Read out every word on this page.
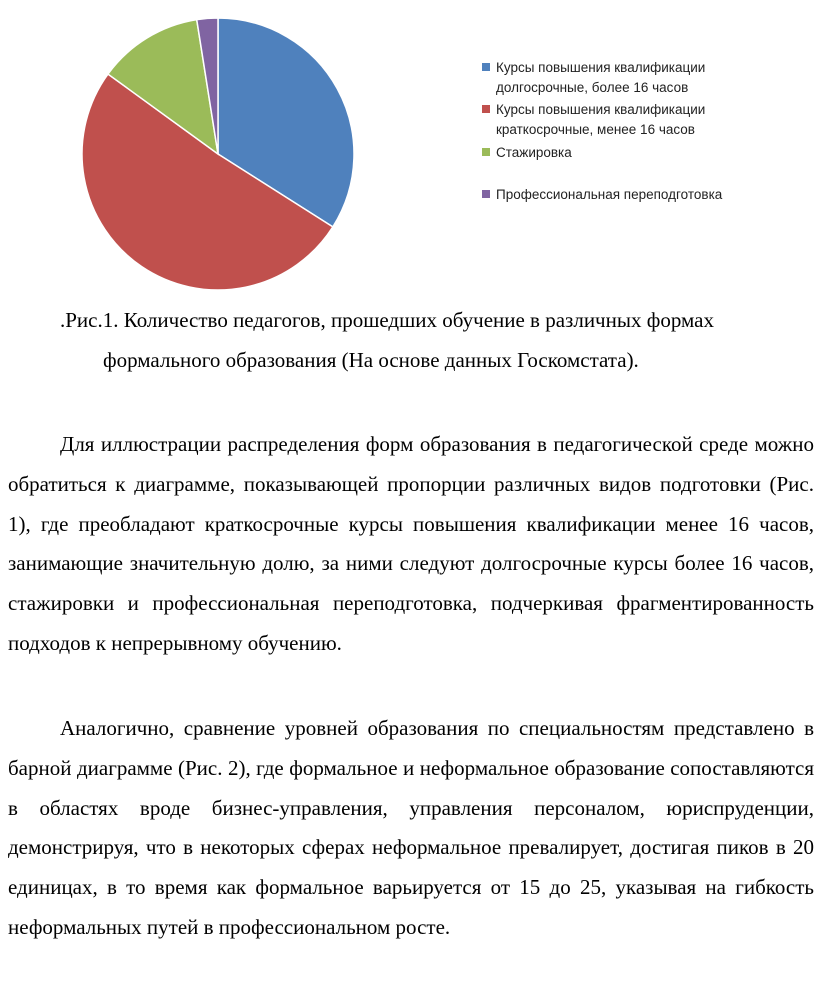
Курсы повышения квалификации
долгосрочные, более 16 часов
Курсы повышения квалификации
краткосрочные, менее 16 часов
Стажировка
Профессиональная переподготовка
.Рис.1. Количество педагогов, прошедших обучение в различных формах
формального образования (На основе данных Госкомстата).

Для иллюстрации распределения форм образования в педагогической среде можно обратиться к диаграмме, показывающей пропорции различных видов подготовки (Рис. 1), где преобладают краткосрочные курсы повышения квалификации менее 16 часов, занимающие значительную долю, за ними следуют долгосрочные курсы более 16 часов, стажировки и профессиональная переподготовка, подчеркивая фрагментированность подходов к непрерывному обучению.

Аналогично, сравнение уровней образования по специальностям представлено в барной диаграмме (Рис. 2), где формальное и неформальное образование сопоставляются в областях вроде бизнес-управления, управления персоналом, юриспруденции, демонстрируя, что в некоторых сферах неформальное превалирует, достигая пиков в 20 единицах, в то время как формальное варьируется от 15 до 25, указывая на гибкость неформальных путей в профессиональном росте.
